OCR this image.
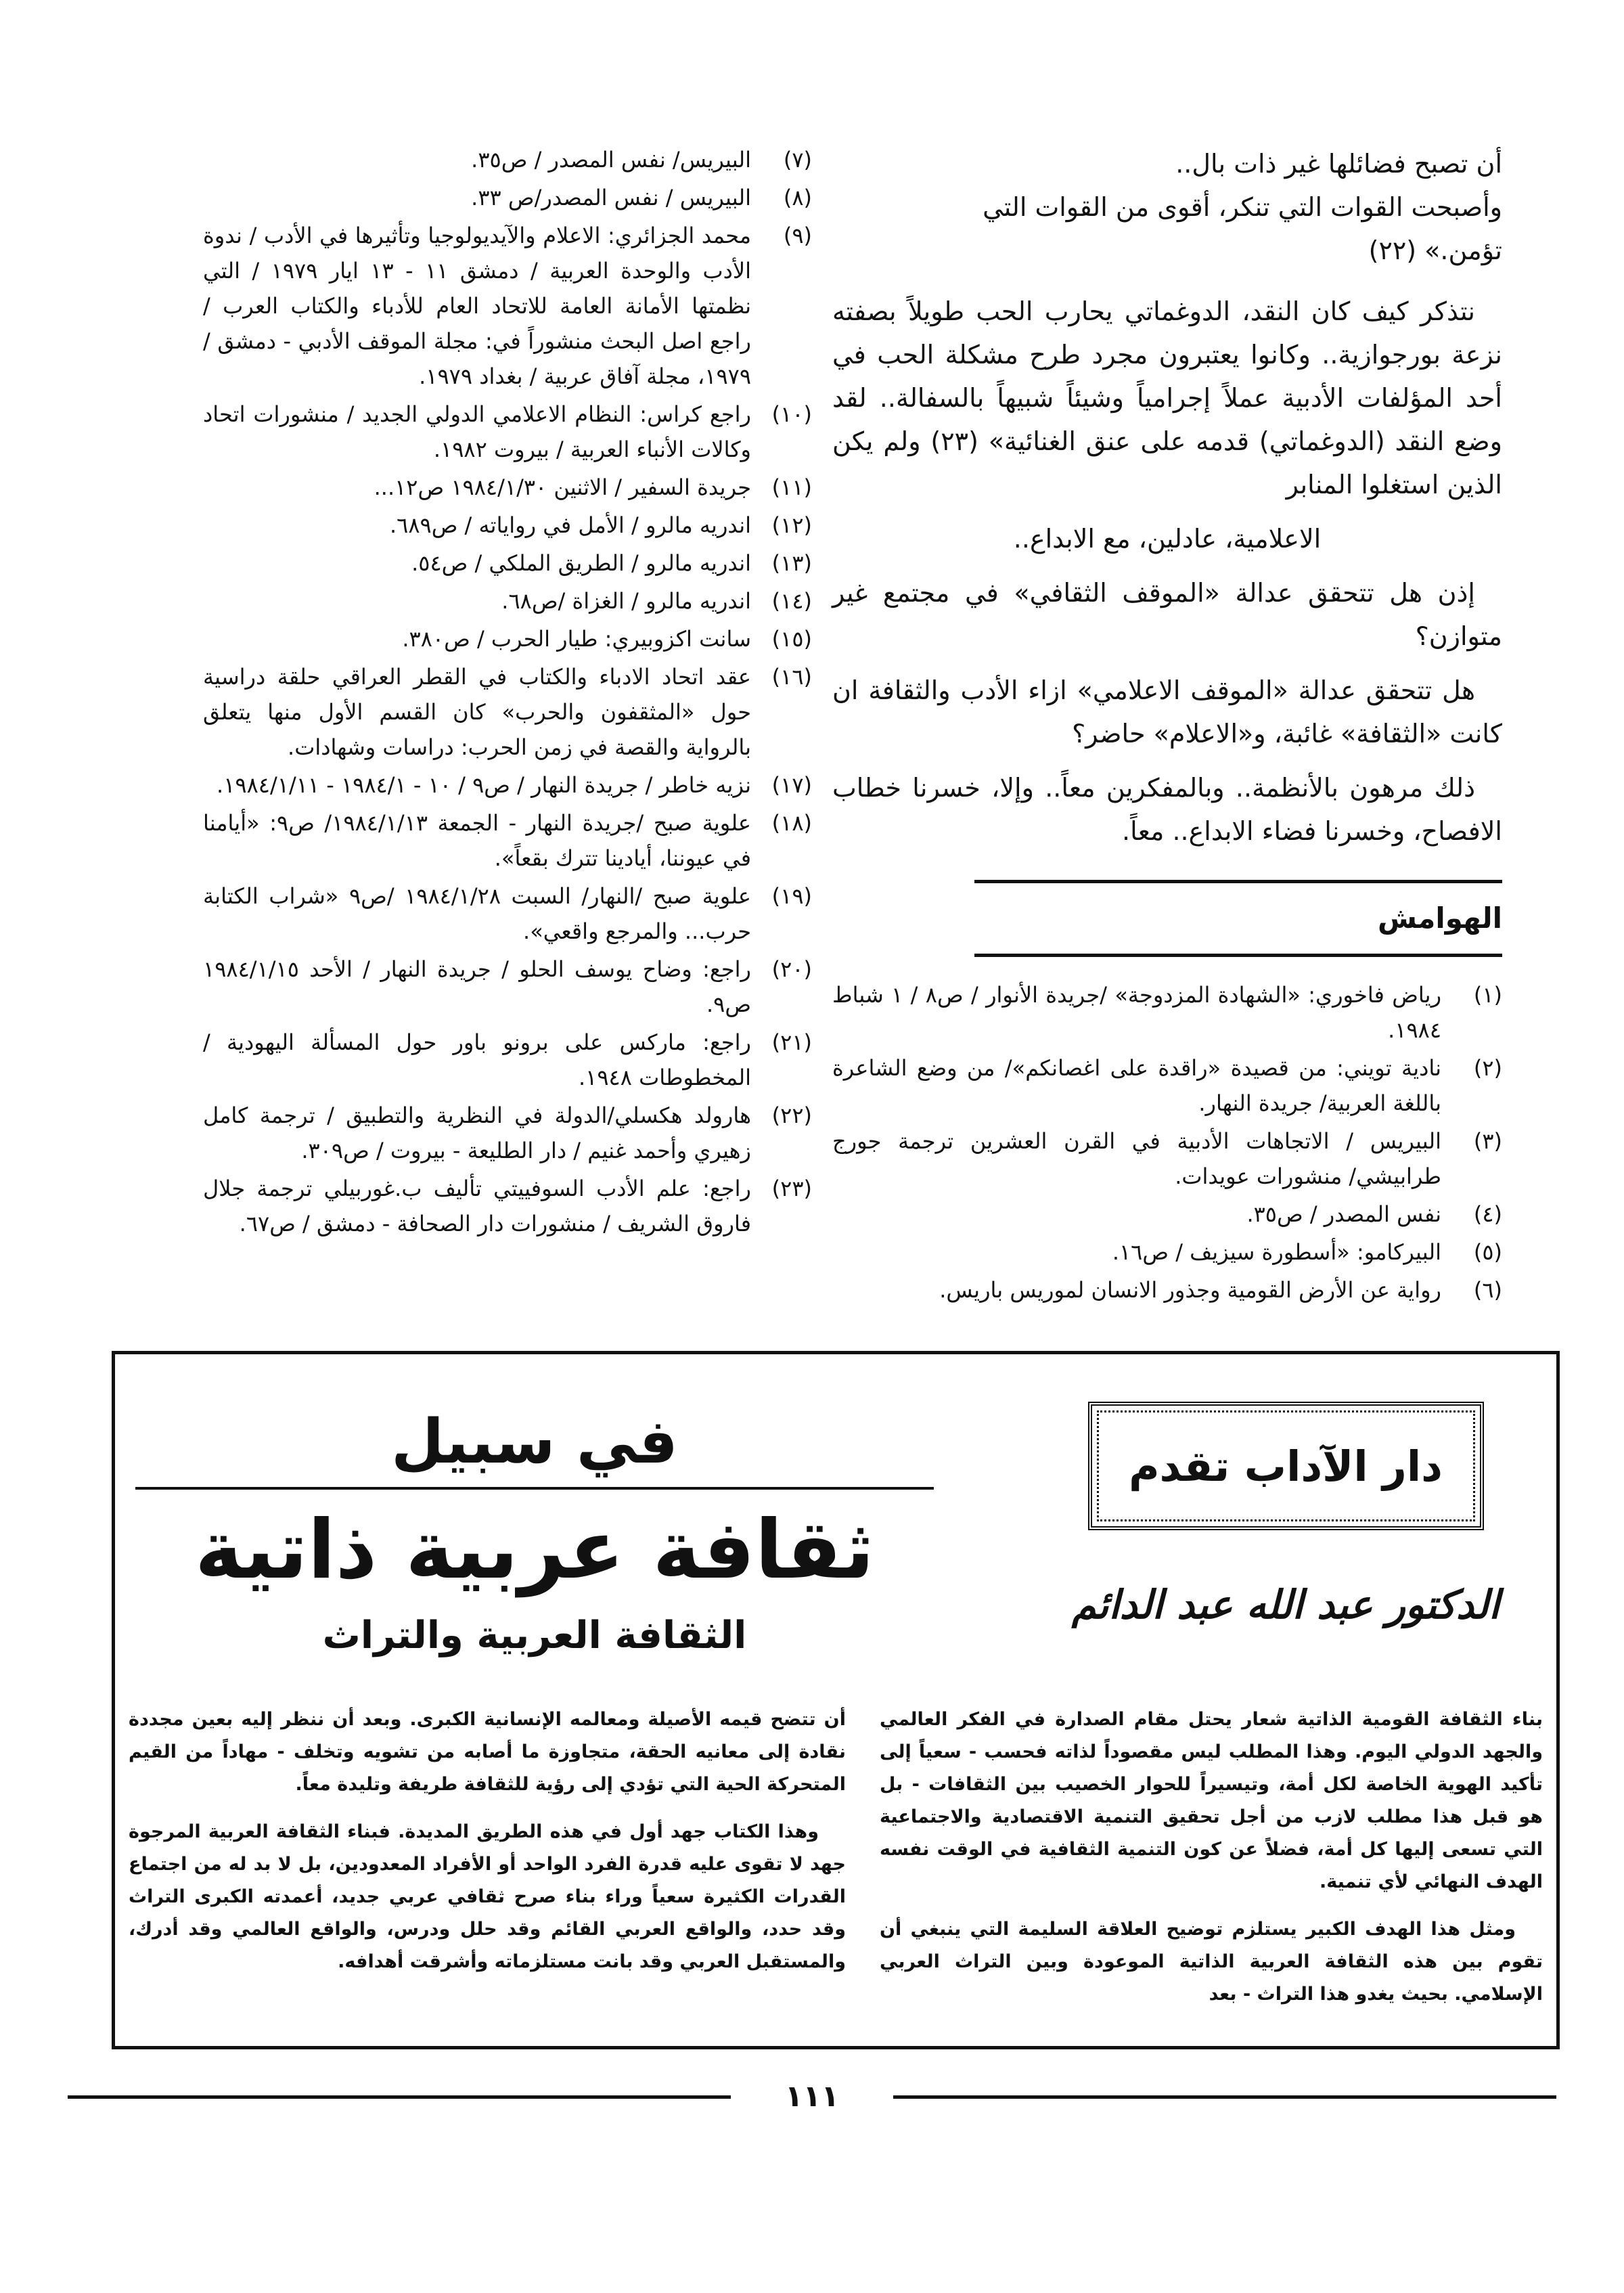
أن تصبح فضائلها غير ذات بال..
وأصبحت القوات التي تنكر، أقوى من القوات التي
تؤمن.» (٢٢)

نتذكر كيف كان النقد، الدوغماتي يحارب الحب طويلاً بصفته نزعة بورجوازية.. وكانوا يعتبرون مجرد طرح مشكلة الحب في أحد المؤلفات الأدبية عملاً إجرامياً وشيئاً شبيهاً بالسفالة.. لقد وضع النقد (الدوغماتي) قدمه على عنق الغنائية» (٢٣) ولم يكن الذين استغلوا المنابر

الاعلامية، عادلين، مع الابداع..

إذن هل تتحقق عدالة «الموقف الثقافي» في مجتمع غير متوازن؟

هل تتحقق عدالة «الموقف الاعلامي» ازاء الأدب والثقافة ان كانت «الثقافة» غائبة، و«الاعلام» حاضر؟

ذلك مرهون بالأنظمة.. وبالمفكرين معاً.. وإلا، خسرنا خطاب الافصاح، وخسرنا فضاء الابداع.. معاً.

الهوامش
(١)
رياض فاخوري: «الشهادة المزدوجة» /جريدة الأنوار / ص٨ / ١ شباط ١٩٨٤.
(٢)
نادية تويني: من قصيدة «راقدة على اغصانكم»/ من وضع الشاعرة باللغة العربية/ جريدة النهار.
(٣)
البيريس / الاتجاهات الأدبية في القرن العشرين ترجمة جورج طرابيشي/ منشورات عويدات.
(٤)
نفس المصدر / ص٣٥.
(٥)
البيركامو: «أسطورة سيزيف / ص١٦.
(٦)
رواية عن الأرض القومية وجذور الانسان لموريس باريس.
(٧)
البيريس/ نفس المصدر / ص٣٥.
(٨)
البيريس / نفس المصدر/ص ٣٣.
(٩)
محمد الجزائري: الاعلام والآيديولوجيا وتأثيرها في الأدب / ندوة الأدب والوحدة العربية / دمشق ١١ - ١٣ ايار ١٩٧٩ / التي نظمتها الأمانة العامة للاتحاد العام للأدباء والكتاب العرب / راجع اصل البحث منشوراً في: مجلة الموقف الأدبي - دمشق / ١٩٧٩، مجلة آفاق عربية / بغداد ١٩٧٩.
(١٠)
راجع كراس: النظام الاعلامي الدولي الجديد / منشورات اتحاد وكالات الأنباء العربية / بيروت ١٩٨٢.
(١١)
جريدة السفير / الاثنين ١٩٨٤/١/٣٠ ص١٢...
(١٢)
اندريه مالرو / الأمل في رواياته / ص٦٨٩.
(١٣)
اندريه مالرو / الطريق الملكي / ص٥٤.
(١٤)
اندريه مالرو / الغزاة /ص٦٨.
(١٥)
سانت اكزوبيري: طيار الحرب / ص٣٨٠.
(١٦)
عقد اتحاد الادباء والكتاب في القطر العراقي حلقة دراسية حول «المثقفون والحرب» كان القسم الأول منها يتعلق بالرواية والقصة في زمن الحرب: دراسات وشهادات.
(١٧)
نزيه خاطر / جريدة النهار / ص٩ / ١٠ - ١٩٨٤/١ - ١٩٨٤/١/١١.
(١٨)
علوية صبح /جريدة النهار - الجمعة ١٩٨٤/١/١٣/ ص٩: «أيامنا في عيوننا، أيادينا تترك بقعاً».
(١٩)
علوية صبح /النهار/ السبت ١٩٨٤/١/٢٨ /ص٩ «شراب الكتابة حرب... والمرجع واقعي».
(٢٠)
راجع: وضاح يوسف الحلو / جريدة النهار / الأحد ١٩٨٤/١/١٥ ص٩.
(٢١)
راجع: ماركس على برونو باور حول المسألة اليهودية / المخطوطات ١٩٤٨.
(٢٢)
هارولد هكسلي/الدولة في النظرية والتطبيق / ترجمة كامل زهيري وأحمد غنيم / دار الطليعة - بيروت / ص٣٠٩.
(٢٣)
راجع: علم الأدب السوفييتي تأليف ب.غوربيلي ترجمة جلال فاروق الشريف / منشورات دار الصحافة - دمشق / ص٦٧.
دار الآداب تقدم
الدكتور عبد الله عبد الدائم
في سبيل
ثقافة عربية ذاتية
الثقافة العربية والتراث

بناء الثقافة القومية الذاتية شعار يحتل مقام الصدارة في الفكر العالمي والجهد الدولي اليوم. وهذا المطلب ليس مقصوداً لذاته فحسب - سعياً إلى تأكيد الهوية الخاصة لكل أمة، وتيسيراً للحوار الخصيب بين الثقافات - بل هو قبل هذا مطلب لازب من أجل تحقيق التنمية الاقتصادية والاجتماعية التي تسعى إليها كل أمة، فضلاً عن كون التنمية الثقافية في الوقت نفسه الهدف النهائي لأي تنمية.

ومثل هذا الهدف الكبير يستلزم توضيح العلاقة السليمة التي ينبغي أن تقوم بين هذه الثقافة العربية الذاتية الموعودة وبين التراث العربي الإسلامي. بحيث يغدو هذا التراث - بعد

أن تتضح قيمه الأصيلة ومعالمه الإنسانية الكبرى. وبعد أن ننظر إليه بعين مجددة نقادة إلى معانيه الحقة، متجاوزة ما أصابه من تشويه وتخلف - مهاداً من القيم المتحركة الحية التي تؤدي إلى رؤية للثقافة طريفة وتليدة معاً.

وهذا الكتاب جهد أول في هذه الطريق المديدة. فبناء الثقافة العربية المرجوة جهد لا تقوى عليه قدرة الفرد الواحد أو الأفراد المعدودين، بل لا بد له من اجتماع القدرات الكثيرة سعياً وراء بناء صرح ثقافي عربي جديد، أعمدته الكبرى التراث وقد حدد، والواقع العربي القائم وقد حلل ودرس، والواقع العالمي وقد أدرك، والمستقبل العربي وقد بانت مستلزماته وأشرقت أهدافه.

١١١
